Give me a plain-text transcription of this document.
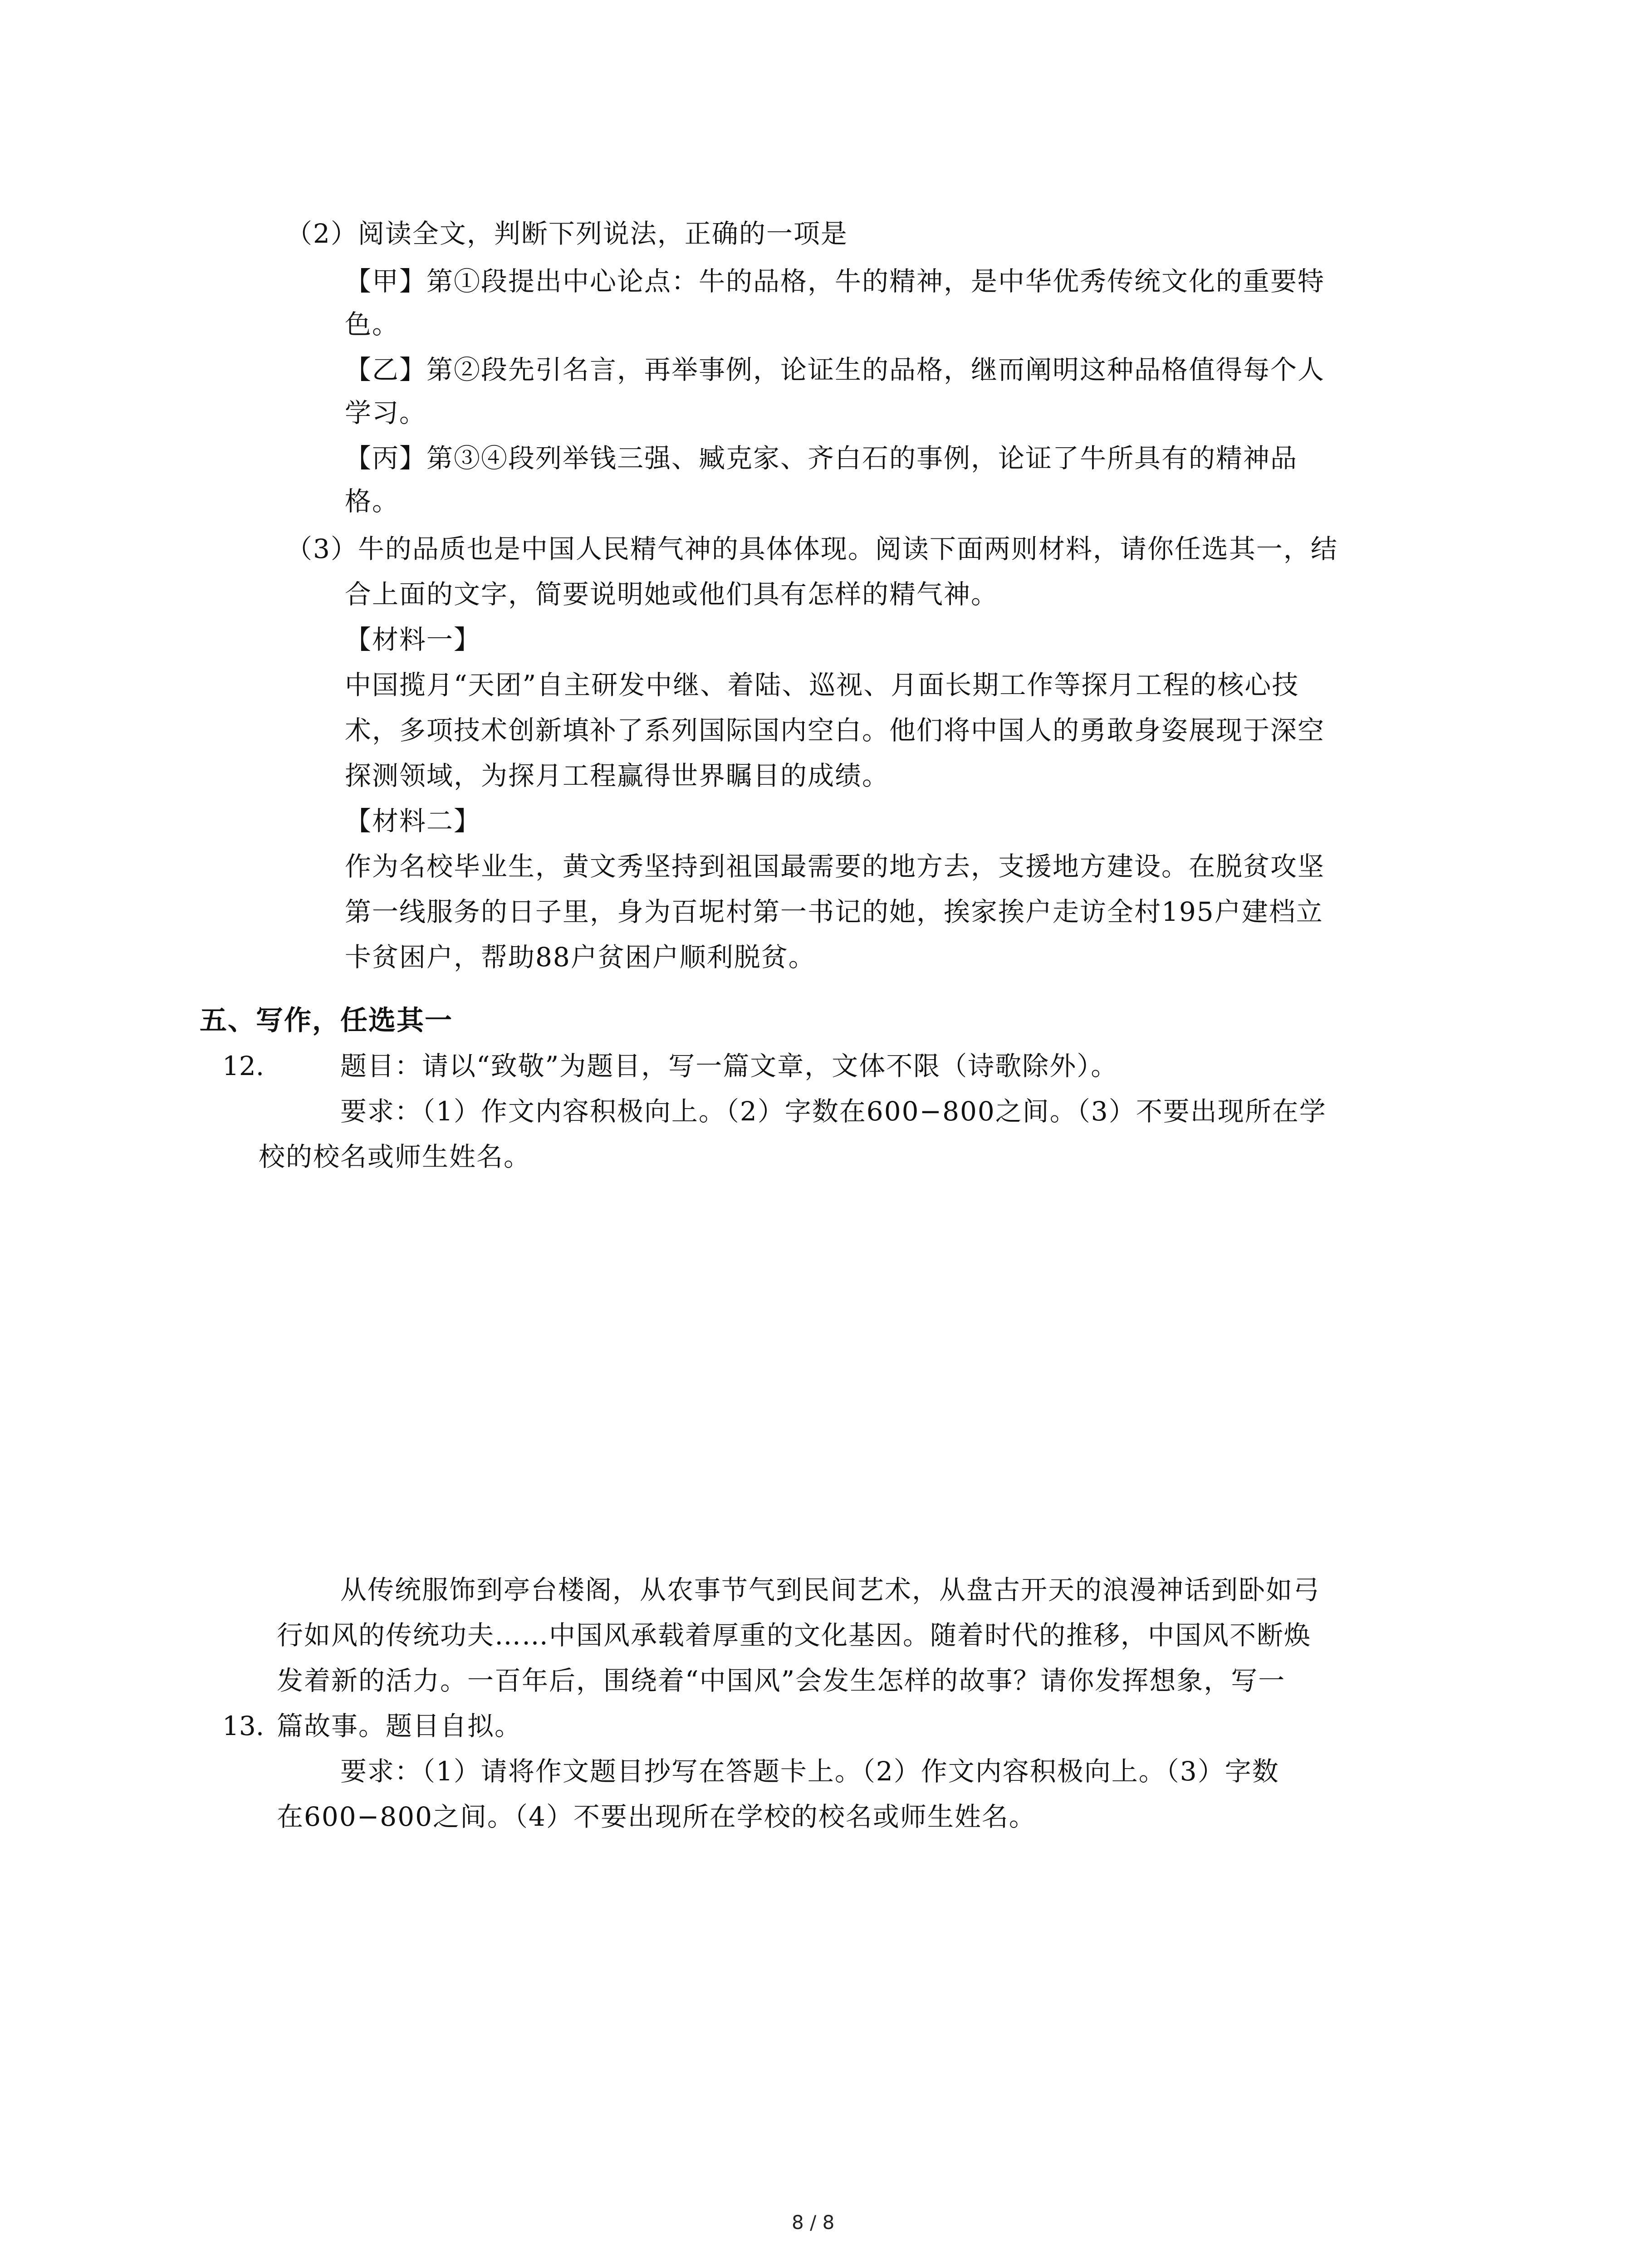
（2）阅读全文，判断下列说法，正确的一项是
【甲】第①段提出中心论点：牛的品格，牛的精神，是中华优秀传统文化的重要特
色。
【乙】第②段先引名言，再举事例，论证生的品格，继而阐明这种品格值得每个人
学习。
【丙】第③④段列举钱三强、臧克家、齐白石的事例，论证了牛所具有的精神品
格。
（3）牛的品质也是中国人民精气神的具体体现。阅读下面两则材料，请你任选其一，结
合上面的文字，简要说明她或他们具有怎样的精气神。
【材料一】
中国揽月“天团”自主研发中继、着陆、巡视、月面长期工作等探月工程的核心技
术，多项技术创新填补了系列国际国内空白。他们将中国人的勇敢身姿展现于深空
探测领域，为探月工程赢得世界瞩目的成绩。
【材料二】
作为名校毕业生，黄文秀坚持到祖国最需要的地方去，支援地方建设。在脱贫攻坚
第一线服务的日子里，身为百坭村第一书记的她，挨家挨户走访全村195户建档立
卡贫困户，帮助88户贫困户顺利脱贫。
五、写作，任选其一
12.	题目：请以“致敬”为题目，写一篇文章，文体不限（诗歌除外）。
要求：（1）作文内容积极向上。（2）字数在600−800之间。（3）不要出现所在学
校的校名或师生姓名。
从传统服饰到亭台楼阁，从农事节气到民间艺术，从盘古开天的浪漫神话到卧如弓
行如风的传统功夫……中国风承载着厚重的文化基因。随着时代的推移，中国风不断焕
发着新的活力。一百年后，围绕着“中国风”会发生怎样的故事？请你发挥想象，写一
13. 篇故事。题目自拟。
要求：（1）请将作文题目抄写在答题卡上。（2）作文内容积极向上。（3）字数
在600−800之间。（4）不要出现所在学校的校名或师生姓名。
8 / 8
